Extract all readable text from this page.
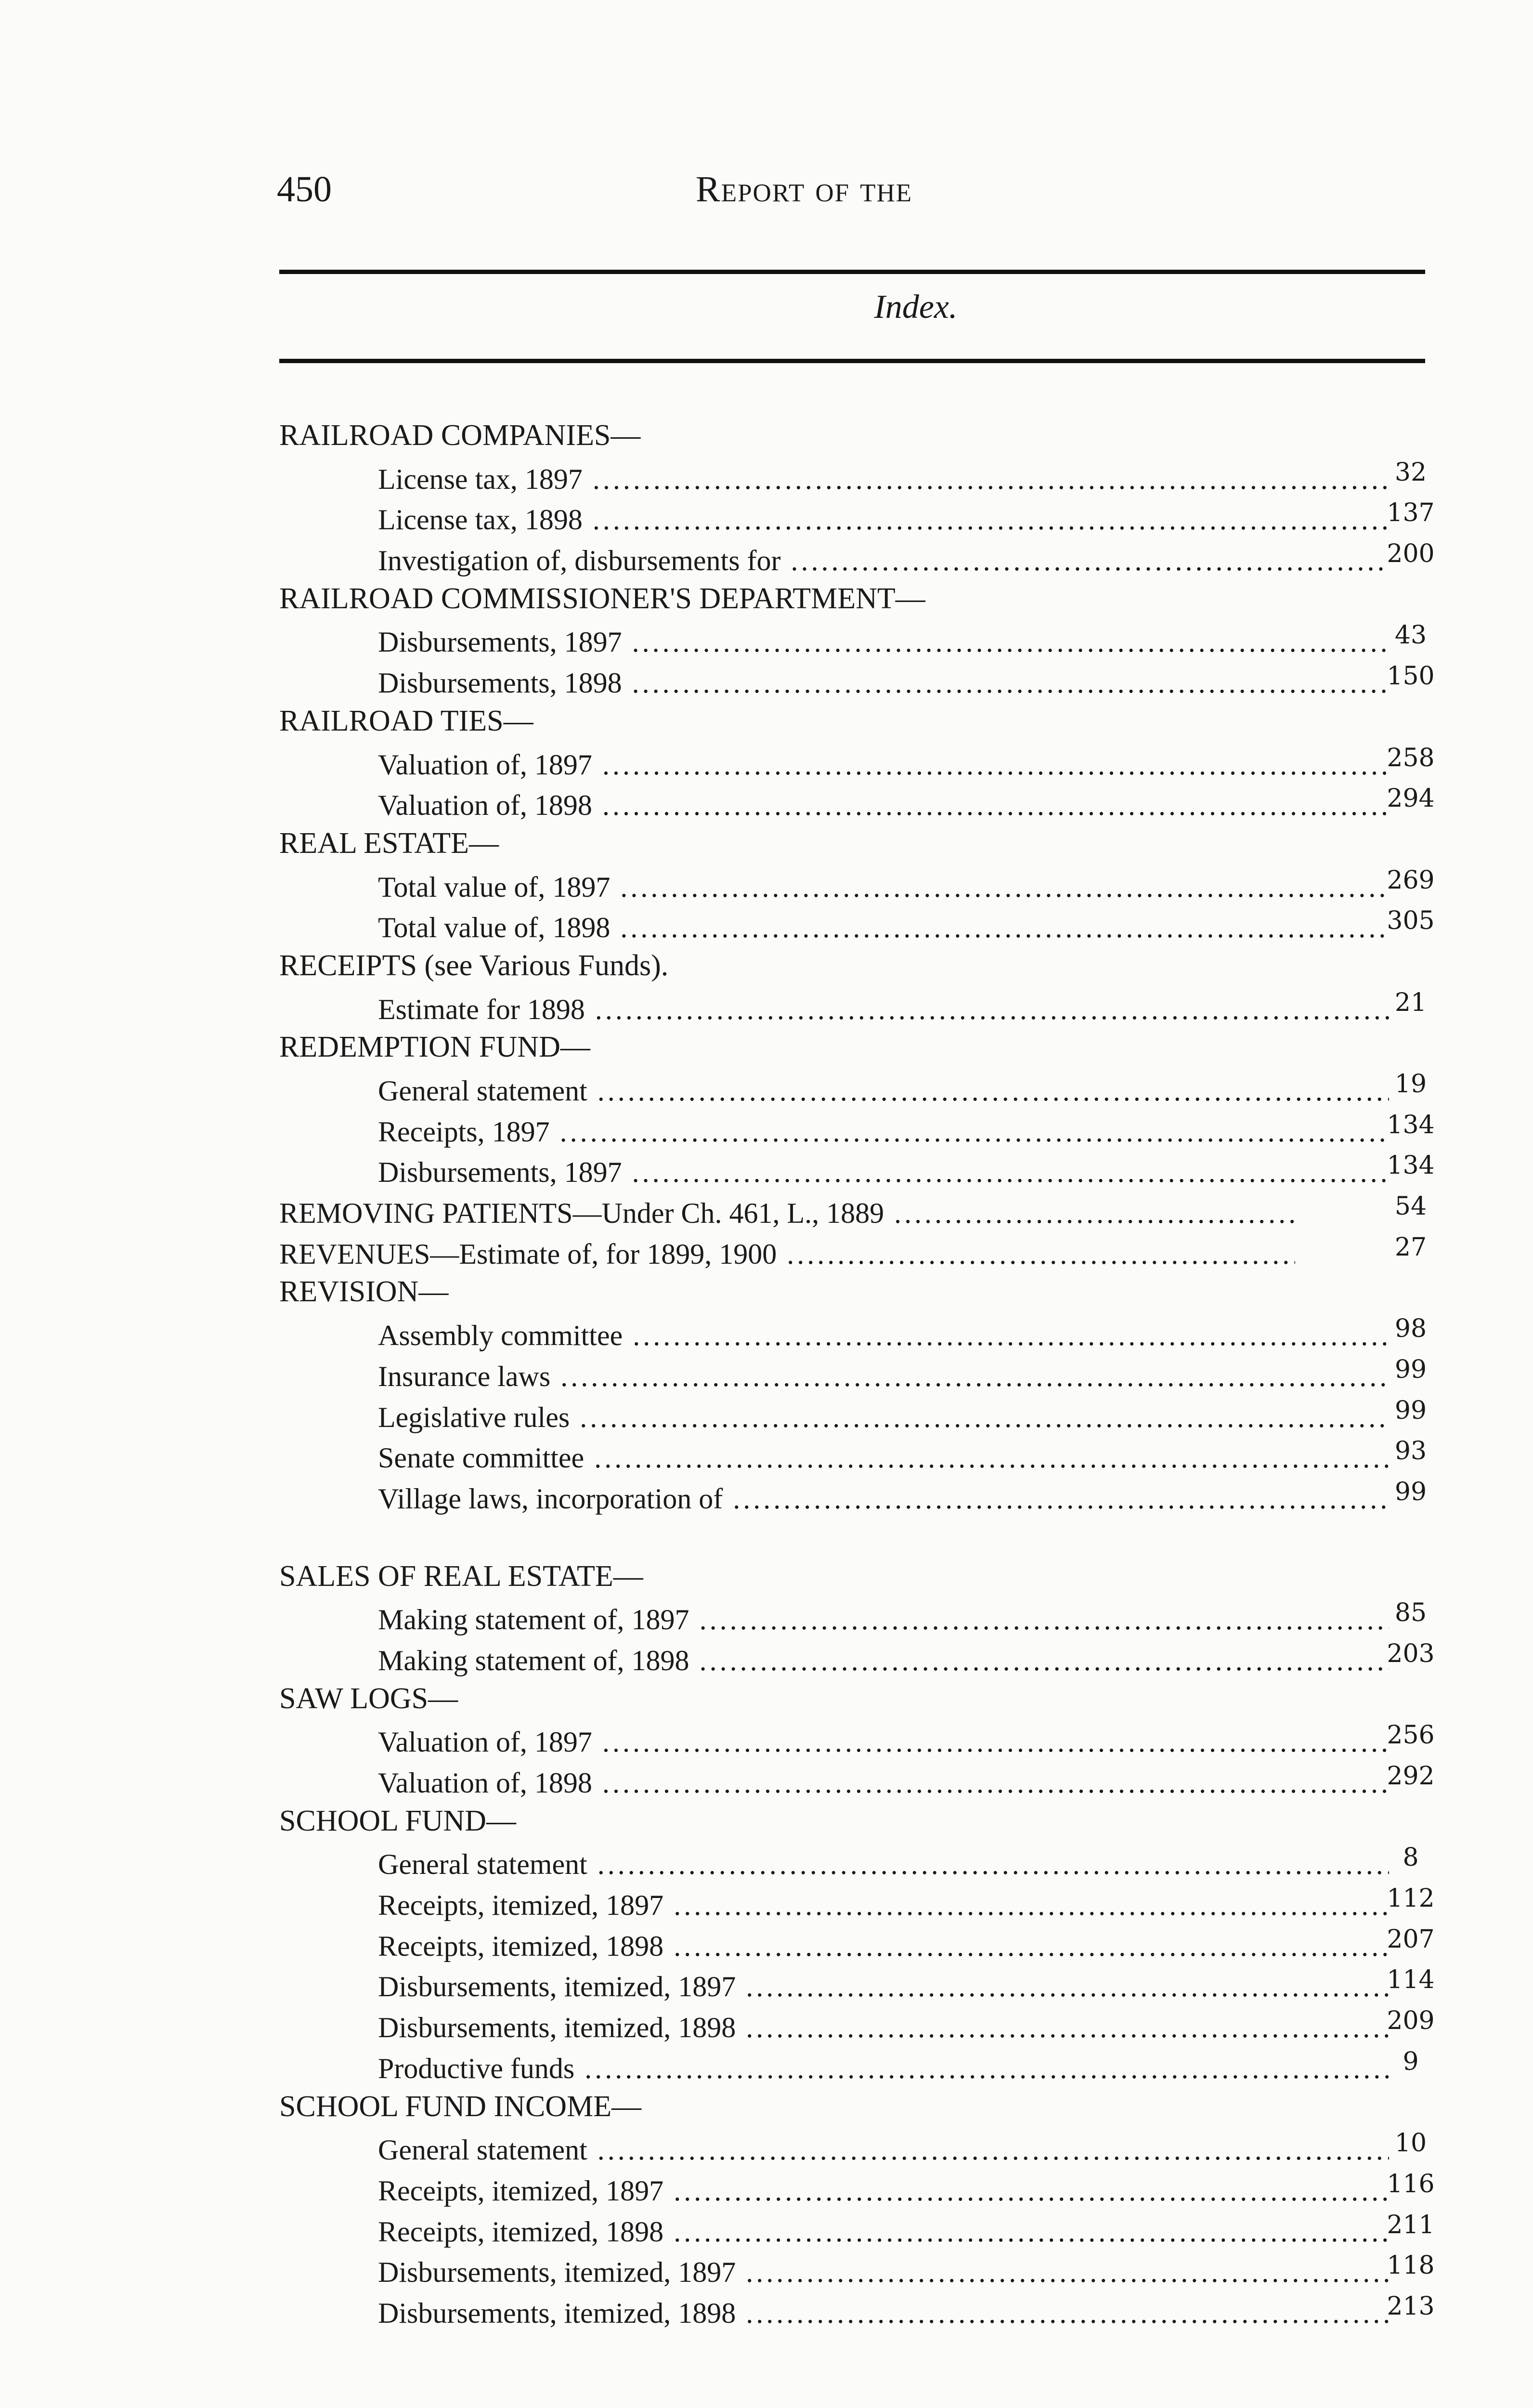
450	Report of the
Index.
RAILROAD COMPANIES—
License tax, 1897 .....	32
License tax, 1898 .....	137
Investigation of, disbursements for .....	200
RAILROAD COMMISSIONER'S DEPARTMENT—
Disbursements, 1897 .....	43
Disbursements, 1898 .....	150
RAILROAD TIES—
Valuation of, 1897 .....	258
Valuation of, 1898 .....	294
REAL ESTATE—
Total value of, 1897 .....	269
Total value of, 1898 .....	305
RECEIPTS (see Various Funds).
Estimate for 1898 .....	21
REDEMPTION FUND—
General statement .....	19
Receipts, 1897 .....	134
Disbursements, 1897 .....	134
REMOVING PATIENTS—Under Ch. 461, L., 1889 .....	54
REVENUES—Estimate of, for 1899, 1900 .....	27
REVISION—
Assembly committee .....	98
Insurance laws .....	99
Legislative rules .....	99
Senate committee .....	93
Village laws, incorporation of .....	99
SALES OF REAL ESTATE—
Making statement of, 1897 .....	85
Making statement of, 1898 .....	203
SAW LOGS—
Valuation of, 1897 .....	256
Valuation of, 1898 .....	292
SCHOOL FUND—
General statement .....	8
Receipts, itemized, 1897 .....	112
Receipts, itemized, 1898 .....	207
Disbursements, itemized, 1897 .....	114
Disbursements, itemized, 1898 .....	209
Productive funds .....	9
SCHOOL FUND INCOME—
General statement .....	10
Receipts, itemized, 1897 .....	116
Receipts, itemized, 1898 .....	211
Disbursements, itemized, 1897 .....	118
Disbursements, itemized, 1898 .....	213
